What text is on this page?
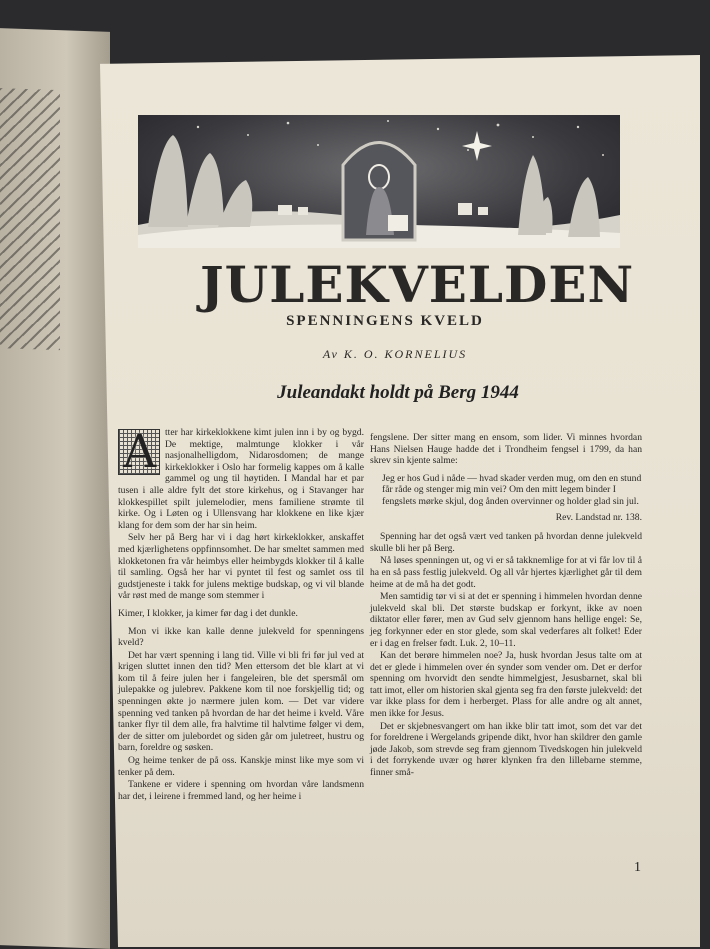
JULEKVELDEN
SPENNINGENS KVELD
Av K. O. KORNELIUS
Juleandakt holdt på Berg 1944
A tter har kirkeklokkene kimt julen inn i by og bygd. De mektige, malmtunge klokker i vår nasjonalhelligdom, Nidarosdomen; de mange kirkeklokker i Oslo har formelig kappes om å kalle gammel og ung til høytiden. I Mandal har et par tusen i alle aldre fylt det store kirkehus, og i Stavanger har klokkespillet spilt julemelodier, mens familiene strømte til kirke. Og i Løten og i Ullensvang har klokkene en like kjær klang for dem som der har sin heim.

Selv her på Berg har vi i dag hørt kirkeklokker, anskaffet med kjærlighetens oppfinnsomhet. De har smeltet sammen med klokketonen fra vår heimbys eller heimbygds klokker til å kalle til samling. Også her har vi pyntet til fest og samlet oss til gudstjeneste i takk for julens mektige budskap, og vi vil blande vår røst med de mange som stemmer i

Kimer, I klokker, ja kimer før dag i det dunkle.

Mon vi ikke kan kalle denne julekveld for spenningens kveld?

Det har vært spenning i lang tid. Ville vi bli fri før jul ved at krigen sluttet innen den tid? Men ettersom det ble klart at vi kom til å feire julen her i fangeleiren, ble det spersmål om julepakke og julebrev. Pakkene kom til noe forskjellig tid; og spenningen økte jo nærmere julen kom. — Det var videre spenning ved tanken på hvordan de har det heime i kveld. Våre tanker flyr til dem alle, fra halvtime til halvtime følger vi dem, der de sitter om julebordet og siden går om juletreet, hustru og barn, foreldre og søsken.

Og heime tenker de på oss. Kanskje minst like mye som vi tenker på dem.

Tankene er videre i spenning om hvordan våre landsmenn har det, i leirene i fremmed land, og her heime i

fengslene. Der sitter mang en ensom, som lider. Vi minnes hvordan Hans Nielsen Hauge hadde det i Trondheim fengsel i 1799, da han skrev sin kjente salme:

Jeg er hos Gud i nåde — hvad skader verden mug, om den en stund får råde og stenger mig min vei? Om den mitt legem binder I fengslets mørke skjul, dog ånden overvinner og holder glad sin jul.

Rev. Landstad nr. 138.

Spenning har det også vært ved tanken på hvordan denne julekveld skulle bli her på Berg.

Nå løses spenningen ut, og vi er så takknemlige for at vi får lov til å ha en så pass festlig julekveld. Og all vår hjertes kjærlighet går til dem heime at de må ha det godt.

Men samtidig tør vi si at det er spenning i himmelen hvordan denne julekveld skal bli. Det største budskap er forkynt, ikke av noen diktator eller fører, men av Gud selv gjennom hans hellige engel: Se, jeg forkynner eder en stor glede, som skal vederfares alt folket! Eder er i dag en frelser født. Luk. 2, 10–11.

Kan det berøre himmelen noe? Ja, husk hvordan Jesus talte om at det er glede i himmelen over én synder som vender om. Det er derfor spenning om hvorvidt den sendte himmelgjest, Jesusbarnet, skal bli tatt imot, eller om historien skal gjenta seg fra den første julekveld: det var ikke plass for dem i herberget. Plass for alle andre og alt annet, men ikke for Jesus.

Det er skjebnesvangert om han ikke blir tatt imot, som det var det for foreldrene i Wergelands gripende dikt, hvor han skildrer den gamle jøde Jakob, som strevde seg fram gjennom Tivedskogen hin julekveld i det forrykende uvær og hører klynken fra den lillebarne stemme, finner små-

1
